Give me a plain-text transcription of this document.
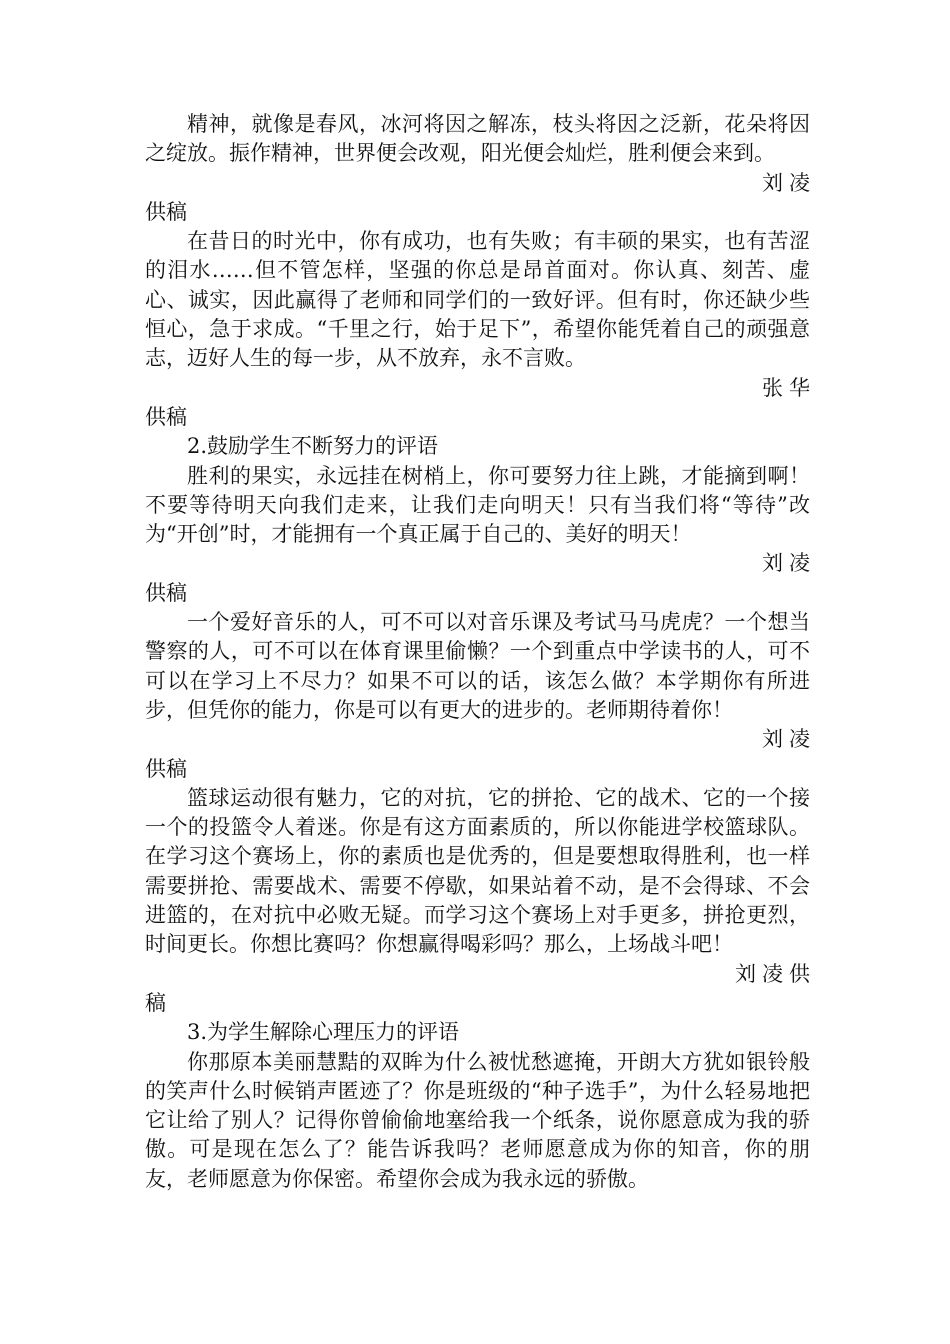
精神，就像是春风，冰河将因之解冻，枝头将因之泛新，花朵将因之绽放。振作精神，世界便会改观，阳光便会灿烂，胜利便会来到。

刘凌
供稿

在昔日的时光中，你有成功，也有失败；有丰硕的果实，也有苦涩的泪水……但不管怎样，坚强的你总是昂首面对。你认真、刻苦、虚心、诚实，因此赢得了老师和同学们的一致好评。但有时，你还缺少些恒心，急于求成。“千里之行，始于足下”，希望你能凭着自己的顽强意志，迈好人生的每一步，从不放弃，永不言败。

张华
供稿
2.鼓励学生不断努力的评语

胜利的果实，永远挂在树梢上，你可要努力往上跳，才能摘到啊！不要等待明天向我们走来，让我们走向明天！只有当我们将“等待”改为“开创”时，才能拥有一个真正属于自己的、美好的明天！

刘凌
供稿

一个爱好音乐的人，可不可以对音乐课及考试马马虎虎？一个想当警察的人，可不可以在体育课里偷懒？一个到重点中学读书的人，可不可以在学习上不尽力？如果不可以的话，该怎么做？本学期你有所进步，但凭你的能力，你是可以有更大的进步的。老师期待着你！

刘凌
供稿

篮球运动很有魅力，它的对抗，它的拼抢、它的战术、它的一个接一个的投篮令人着迷。你是有这方面素质的，所以你能进学校篮球队。在学习这个赛场上，你的素质也是优秀的，但是要想取得胜利，也一样需要拼抢、需要战术、需要不停歇，如果站着不动，是不会得球、不会进篮的，在对抗中必败无疑。而学习这个赛场上对手更多，拼抢更烈，时间更长。你想比赛吗？你想赢得喝彩吗？那么，上场战斗吧！

刘凌供
稿
3.为学生解除心理压力的评语

你那原本美丽慧黠的双眸为什么被忧愁遮掩，开朗大方犹如银铃般的笑声什么时候销声匿迹了？你是班级的“种子选手”，为什么轻易地把它让给了别人？记得你曾偷偷地塞给我一个纸条，说你愿意成为我的骄傲。可是现在怎么了？能告诉我吗？老师愿意成为你的知音，你的朋友，老师愿意为你保密。希望你会成为我永远的骄傲。
